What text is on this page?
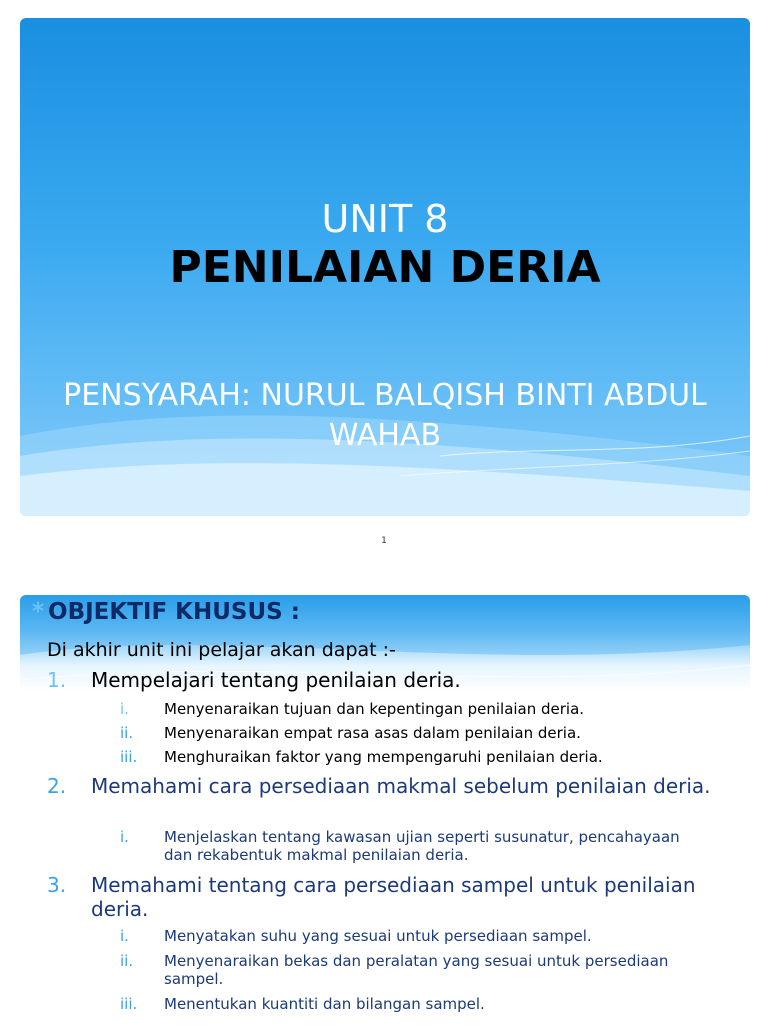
UNIT 8
PENILAIAN DERIA
PENSYARAH: NURUL BALQISH BINTI ABDUL WAHAB
1
* OBJEKTIF KHUSUS :
Di akhir unit ini pelajar akan dapat :-
1. Mempelajari tentang penilaian deria.
i. Menyenaraikan tujuan dan kepentingan penilaian deria.
ii. Menyenaraikan empat rasa asas dalam penilaian deria.
iii. Menghuraikan faktor yang mempengaruhi penilaian deria.
2. Memahami cara persediaan makmal sebelum penilaian deria.
i. Menjelaskan tentang kawasan ujian seperti susunatur, pencahayaan dan rekabentuk makmal penilaian deria.
3. Memahami tentang cara persediaan sampel untuk penilaian deria.
i. Menyatakan suhu yang sesuai untuk persediaan sampel.
ii. Menyenaraikan bekas dan peralatan yang sesuai untuk persediaan sampel.
iii. Menentukan kuantiti dan bilangan sampel.
